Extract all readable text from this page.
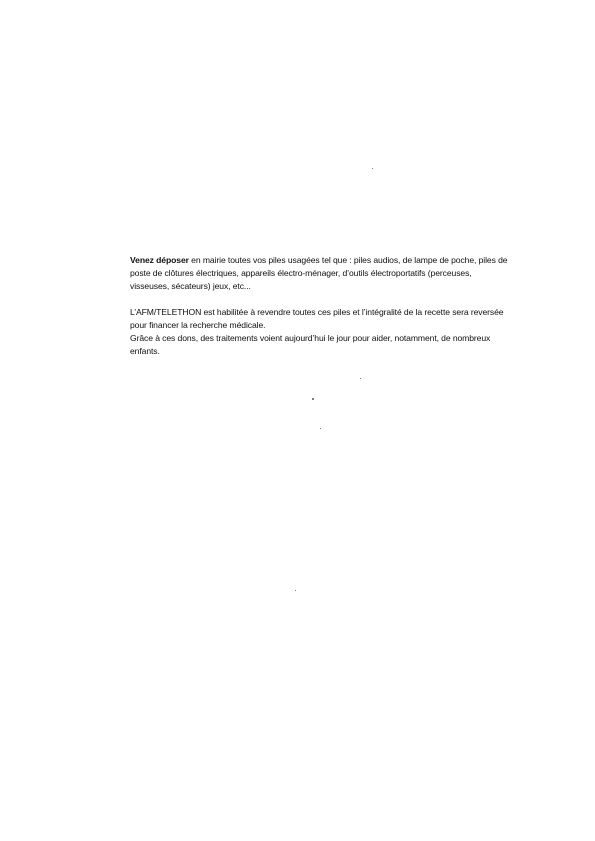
Venez déposer en mairie toutes vos piles usagées tel que : piles audios, de lampe de poche, piles de
poste de clôtures électriques, appareils électro-ménager, d’outils électroportatifs (perceuses,
visseuses, sécateurs) jeux, etc...

L’AFM/TELETHON est habilitée à revendre toutes ces piles et l’intégralité de la recette sera reversée
pour financer la recherche médicale.
Grâce à ces dons, des traitements voient aujourd’hui le jour pour aider, notamment, de nombreux
enfants.
